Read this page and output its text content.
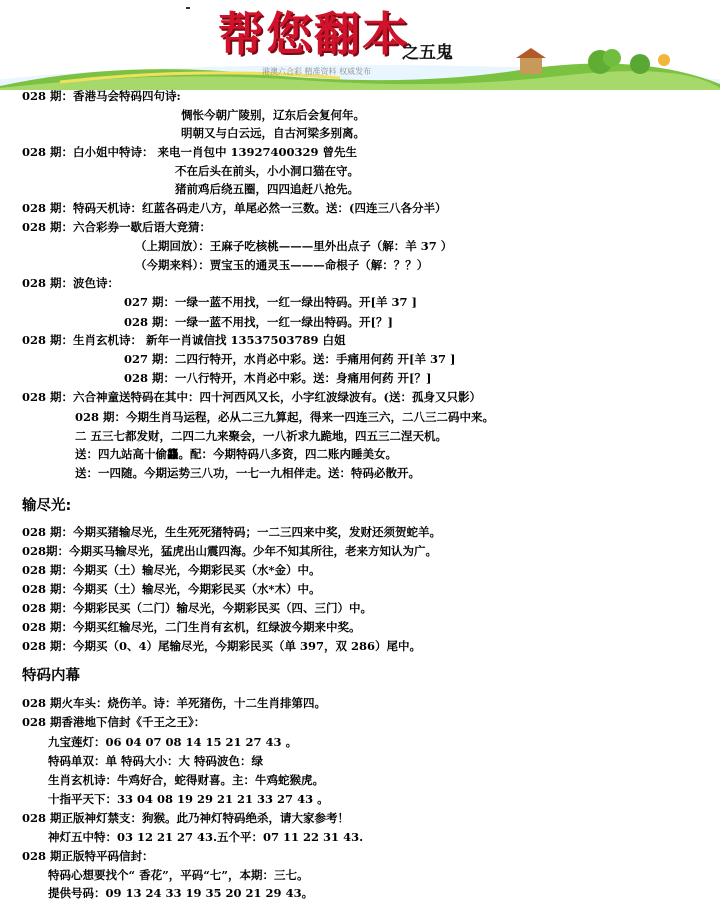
帮您翻本
之五鬼
港澳六合彩 精准资料 权威发布
028 期：香港马会特码四句诗:
惆怅今朝广陵别，辽东后会复何年。
明朝又与白云远，自古河梁多别离。
028 期：白小姐中特诗： 来电一肖包中 13927400329 曾先生
不在后头在前头，小小洞口猫在守。
猪前鸡后绕五圈，四四追赶八抢先。
028 期：特码天机诗：红蓝各码走八方，单尾必然一三数。送：(四连三八各分半）
028 期：六合彩券一歇后语大竞猜：
（上期回放）：王麻子吃核桃———里外出点子（解：羊 37 ）
（今期来料）：贾宝玉的通灵玉———命根子（解：？？）
028 期：波色诗：
027 期：一绿一蓝不用找，一红一绿出特码。开[羊 37 ]
028 期：一绿一蓝不用找，一红一绿出特码。开[？]
028 期：生肖玄机诗： 新年一肖诚信找 13537503789 白姐
027 期：二四行特开，水肖必中彩。送：手痛用何药 开[羊 37 ]
028 期：一八行特开，木肖必中彩。送：身痛用何药 开[？]
028 期：六合神童送特码在其中：四十河西风又长，小字红波绿波有。(送：孤身又只影）
028 期：今期生肖马运程，必从二三九算起，得来一四连三六，二八三二码中来。
二 五三七都发财，二四二九来聚会，一八祈求九跪地，四五三二涅天机。
送：四九站高十偷龘。配：今期特码八多资，四二账内睡美女。
送：一四随。今期运势三八功，一七一九相伴走。送：特码必散开。
输尽光:
028 期：今期买猪输尽光，生生死死猪特码；一二三四来中奖，发财还须贺蛇羊。
028期：今期买马输尽光，猛虎出山震四海。少年不知其所往，老来方知认为广。
028 期：今期买（土）输尽光，今期彩民买（水*金）中。
028 期：今期买（土）输尽光，今期彩民买（水*木）中。
028 期：今期彩民买（二门）输尽光，今期彩民买（四、三门）中。
028 期：今期买红输尽光，二门生肖有玄机，红绿波今期来中奖。
028 期：今期买（0、4）尾输尽光，今期彩民买（单 397，双 286）尾中。
特码内幕
028 期火车头：烧伤羊。诗：羊死猪伤，十二生肖排第四。
028 期香港地下信封《千王之王》：
九宝莲灯：06 04 07 08 14 15 21 27 43 。
特码单双：单 特码大小：大 特码波色：绿
生肖玄机诗：牛鸡好合，蛇得财喜。主：牛鸡蛇猴虎。
十指平天下：33 04 08 19 29 21 21 33 27 43 。
028 期正版神灯禁支：狗猴。此乃神灯特码绝杀，请大家参考！
神灯五中特：03 12 21 27 43.五个平：07 11 22 31 43.
028 期正版特平码信封：
特码心想要找个“ 香花”，平码“七”，本期：三七。
提供号码：09 13 24 33 19 35 20 21 29 43。
